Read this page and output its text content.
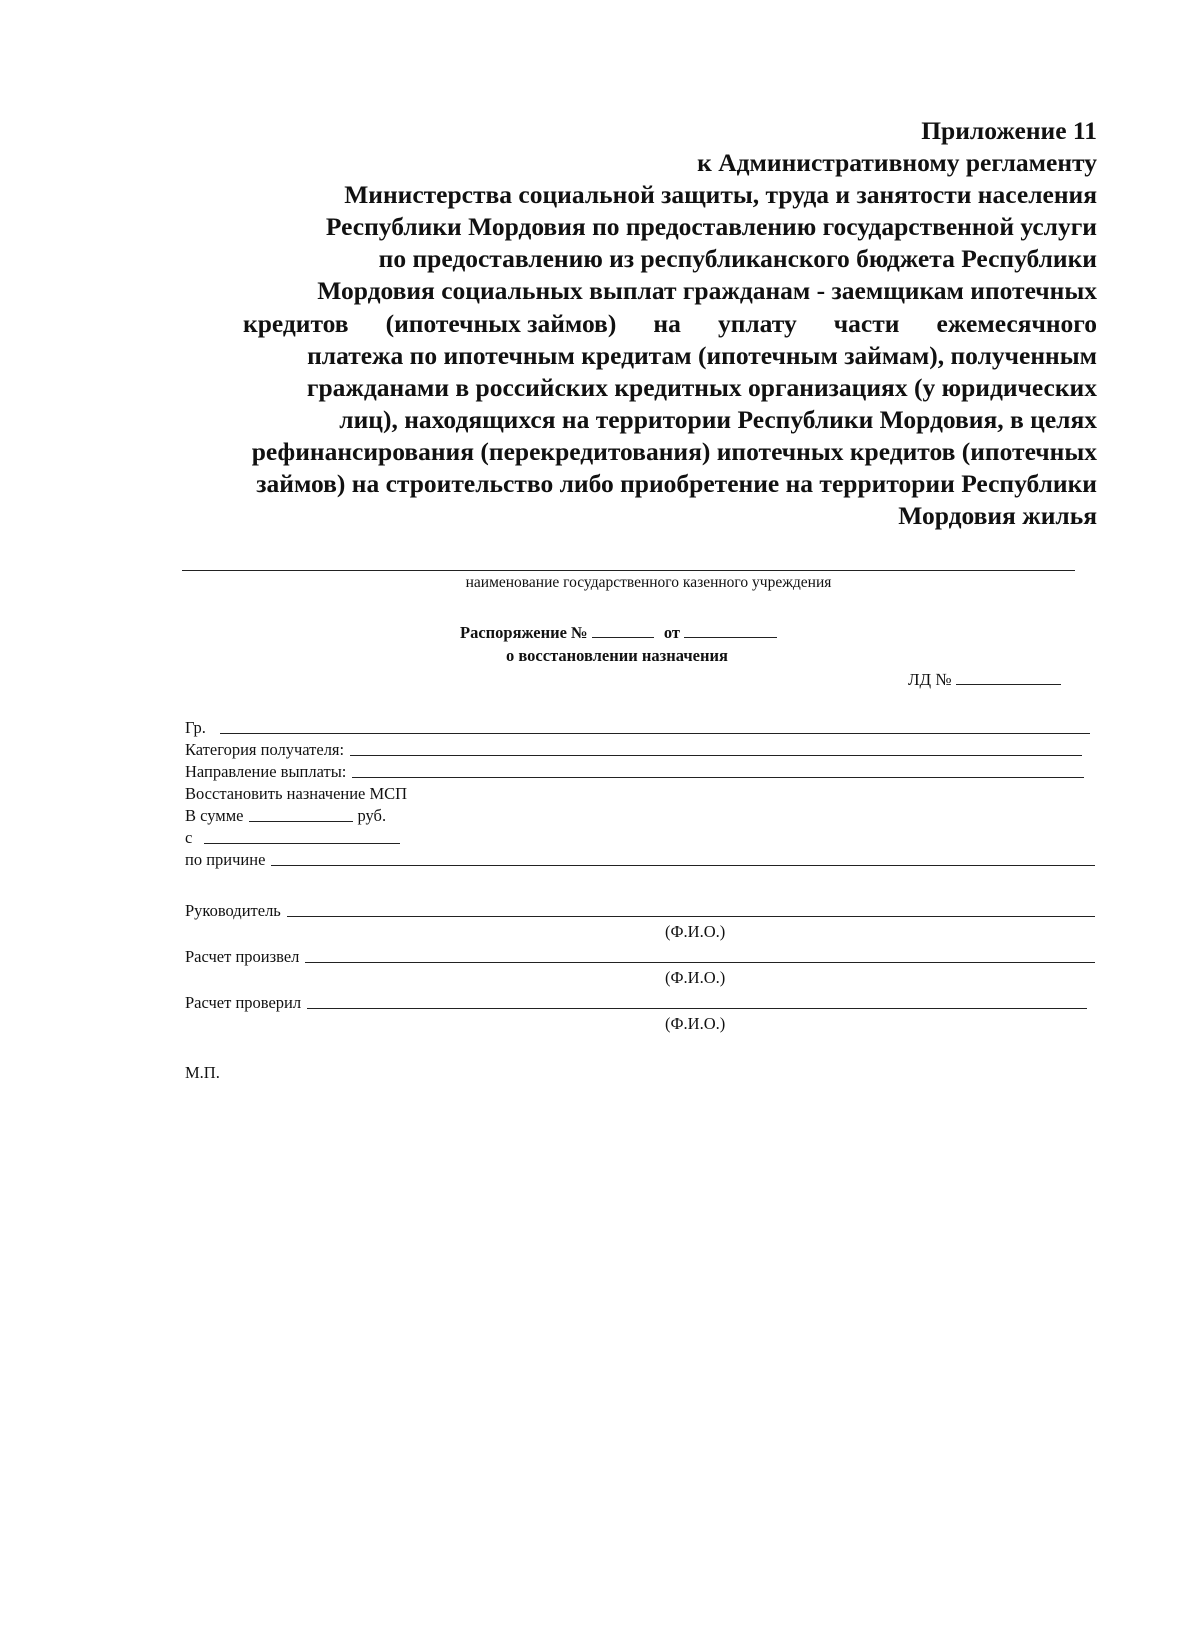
Приложение 11
к Административному регламенту
Министерства социальной защиты, труда и занятости населения
Республики Мордовия по предоставлению государственной услуги
по предоставлению из республиканского бюджета Республики
Мордовия социальных выплат гражданам - заемщикам ипотечных
кредитов (ипотечных займов) на уплату части ежемесячного
платежа по ипотечным кредитам (ипотечным займам), полученным
гражданами в российских кредитных организациях (у юридических
лиц), находящихся на территории Республики Мордовия, в целях
рефинансирования (перекредитования) ипотечных кредитов (ипотечных
займов) на строительство либо приобретение на территории Республики
Мордовия жилья
наименование государственного казенного учреждения
Распоряжение №	от
о восстановлении назначения
ЛД №
Гр.
Категория получателя:
Направление выплаты:
Восстановить назначение МСП
В сумме	руб.
с
по причине
Руководитель
(Ф.И.О.)
Расчет произвел
(Ф.И.О.)
Расчет проверил
(Ф.И.О.)
М.П.
